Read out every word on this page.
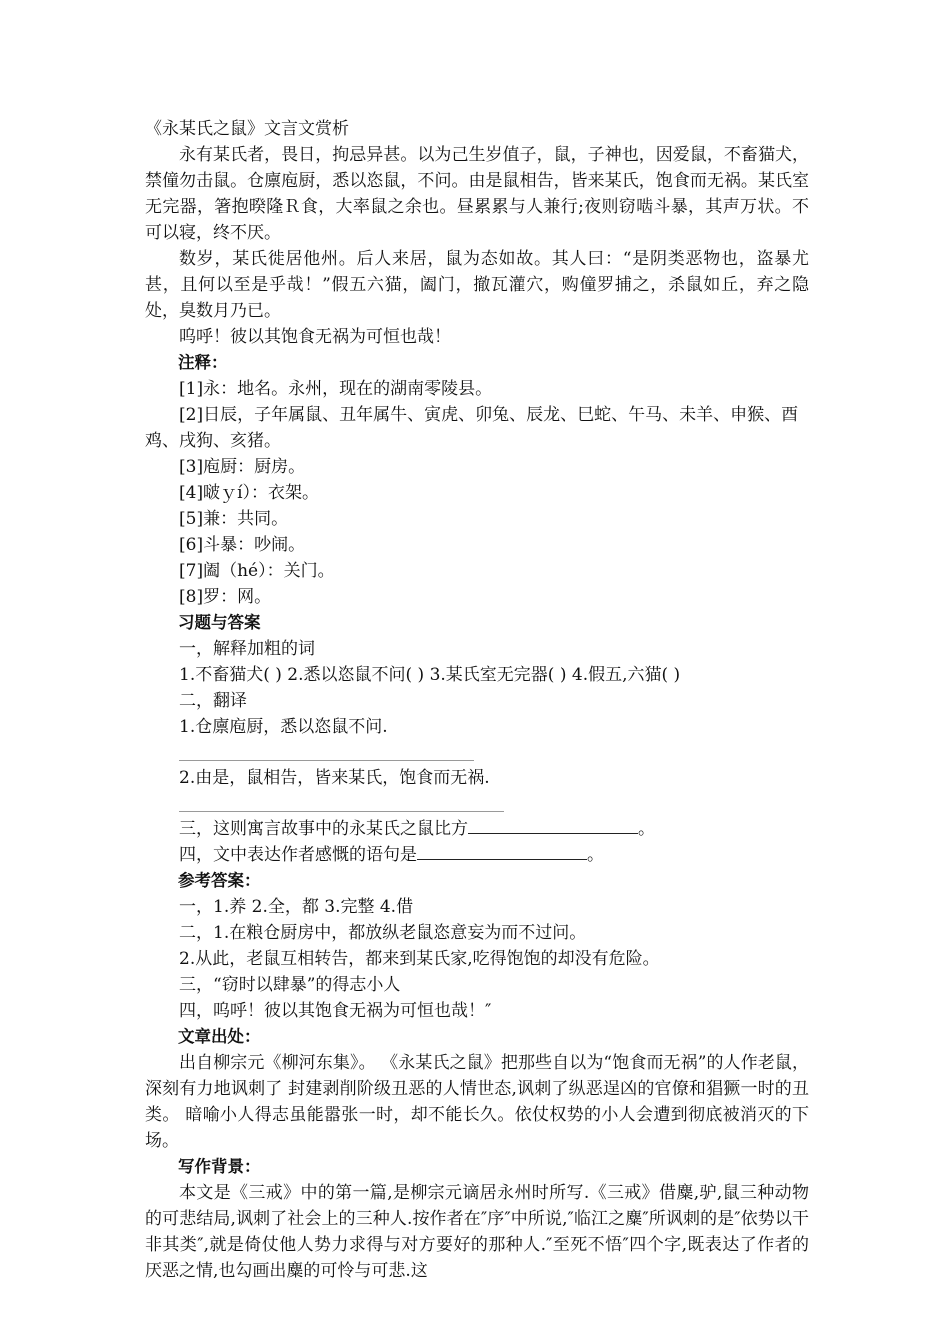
《永某氏之鼠》文言文赏析

永有某氏者，畏日，拘忌异甚。以为己生岁值子，鼠，子神也，因爱鼠，不畜猫犬，禁僮勿击鼠。仓廪庖厨，悉以恣鼠，不问。由是鼠相告，皆来某氏，饱食而无祸。某氏室无完器，箸抱暌隆Ｒ食，大率鼠之余也。昼累累与人兼行;夜则窃啮斗暴，其声万状。不可以寝，终不厌。

数岁，某氏徙居他州。后人来居，鼠为态如故。其人曰：“是阴类恶物也，盗暴尤甚，且何以至是乎哉！”假五六猫，阖门，撤瓦灌穴，购僮罗捕之，杀鼠如丘，弃之隐处，臭数月乃已。

呜呼！彼以其饱食无祸为可恒也哉！

注释：

[1]永：地名。永州，现在的湖南零陵县。

[2]日辰，子年属鼠、丑年属牛、寅虎、卯兔、辰龙、巳蛇、午马、未羊、申猴、酉鸡、戌狗、亥猪。

[3]庖厨：厨房。

[4]啵ｙí）：衣架。

[5]兼：共同。

[6]斗暴：吵闹。

[7]阖（hé）：关门。

[8]罗：网。

习题与答案

一，解释加粗的词

1.不畜猫犬( ) 2.悉以恣鼠不问( ) 3.某氏室无完器( ) 4.假五,六猫( )

二，翻译

1.仓廪庖厨，悉以恣鼠不问.

2.由是，鼠相告，皆来某氏，饱食而无祸.

三，这则寓言故事中的永某氏之鼠比方	。

四，文中表达作者感慨的语句是	。

参考答案：

一，1.养 2.全，都 3.完整 4.借

二，1.在粮仓厨房中，都放纵老鼠恣意妄为而不过问。

2.从此，老鼠互相转告，都来到某氏家,吃得饱饱的却没有危险。

三，“窃时以肆暴”的得志小人

四，呜呼！彼以其饱食无祸为可恒也哉！″

文章出处：

出自柳宗元《柳河东集》。 《永某氏之鼠》把那些自以为“饱食而无祸”的人作老鼠， 深刻有力地讽刺了 封建剥削阶级丑恶的人情世态,讽刺了纵恶逞凶的官僚和猖獗一时的丑类。 暗喻小人得志虽能嚣张一时，却不能长久。依仗权势的小人会遭到彻底被消灭的下场。

写作背景：

本文是《三戒》中的第一篇,是柳宗元谪居永州时所写.《三戒》借麋,驴,鼠三种动物的可悲结局,讽刺了社会上的三种人.按作者在″序″中所说,″临江之麋″所讽刺的是″依势以干非其类″,就是倚仗他人势力求得与对方要好的那种人.″至死不悟″四个字,既表达了作者的厌恶之情,也勾画出麋的可怜与可悲.这
